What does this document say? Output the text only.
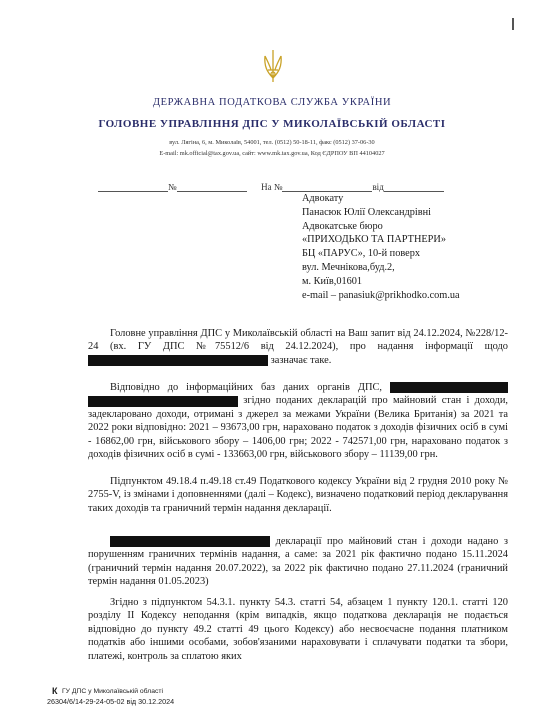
ДЕРЖАВНА ПОДАТКОВА СЛУЖБА УКРАЇНИ
ГОЛОВНЕ УПРАВЛІННЯ ДПС У МИКОЛАЇВСЬКІЙ ОБЛАСТІ
вул. Лягіна, 6, м. Миколаїв, 54001, тел. (0512) 50-18-11, факс (0512) 37-06-30
E-mail: mk.official@tax.gov.ua, сайт: www.mk.tax.gov.ua, Код ЄДРПОУ ВП 44104027
№	На №	від
Адвокату
Панасюк Юлії Олександрівні
Адвокатське бюро
«ПРИХОДЬКО ТА ПАРТНЕРИ»
БЦ «ПАРУС», 10-й поверх
вул. Мечнікова,буд.2,
м. Київ,01601
e-mail – panasiuk@prikhodko.com.ua
Головне управління ДПС у Миколаївській області на Ваш запит від 24.12.2024, №228/12-24 (вх. ГУ ДПС №75512/6 від 24.12.2024), про надання інформації щодо  зазначає таке.
Відповідно до інформаційних баз даних органів ДПС,   згідно поданих декларацій про майновий стан і доходи, задекларовано доходи, отримані з джерел за межами України (Велика Британія) за 2021 та 2022 роки відповідно: 2021 – 93673,00 грн, нараховано податок з доходів фізичних осіб в сумі - 16862,00 грн, військового збору – 1406,00 грн; 2022 - 742571,00 грн, нараховано податок з доходів фізичних осіб в сумі - 133663,00 грн, військового збору – 11139,00 грн.
Підпунктом 49.18.4 п.49.18 ст.49 Податкового кодексу України від 2 грудня 2010 року № 2755-V, із змінами і доповненнями (далі – Кодекс), визначено податковий період декларування таких доходів та граничний термін надання декларації.
декларації про майновий стан і доходи надано з порушенням граничних термінів надання, а саме: за 2021 рік фактично подано 15.11.2024 (граничний термін надання 20.07.2022), за 2022 рік фактично подано 27.11.2024 (граничний термін надання 01.05.2023)
Згідно з підпунктом 54.3.1. пункту 54.3. статті 54, абзацем 1 пункту 120.1. статті 120 розділу II Кодексу неподання (крім випадків, якщо податкова декларація не подається відповідно до пункту 49.2 статті 49 цього Кодексу) або несвоєчасне подання платником податків або іншими особами, зобов'язаними нараховувати і сплачувати податки та збори, платежі, контроль за сплатою яких
К ГУ ДПС у Миколаївській області
26304/6/14-29-24-05-02 від 30.12.2024
